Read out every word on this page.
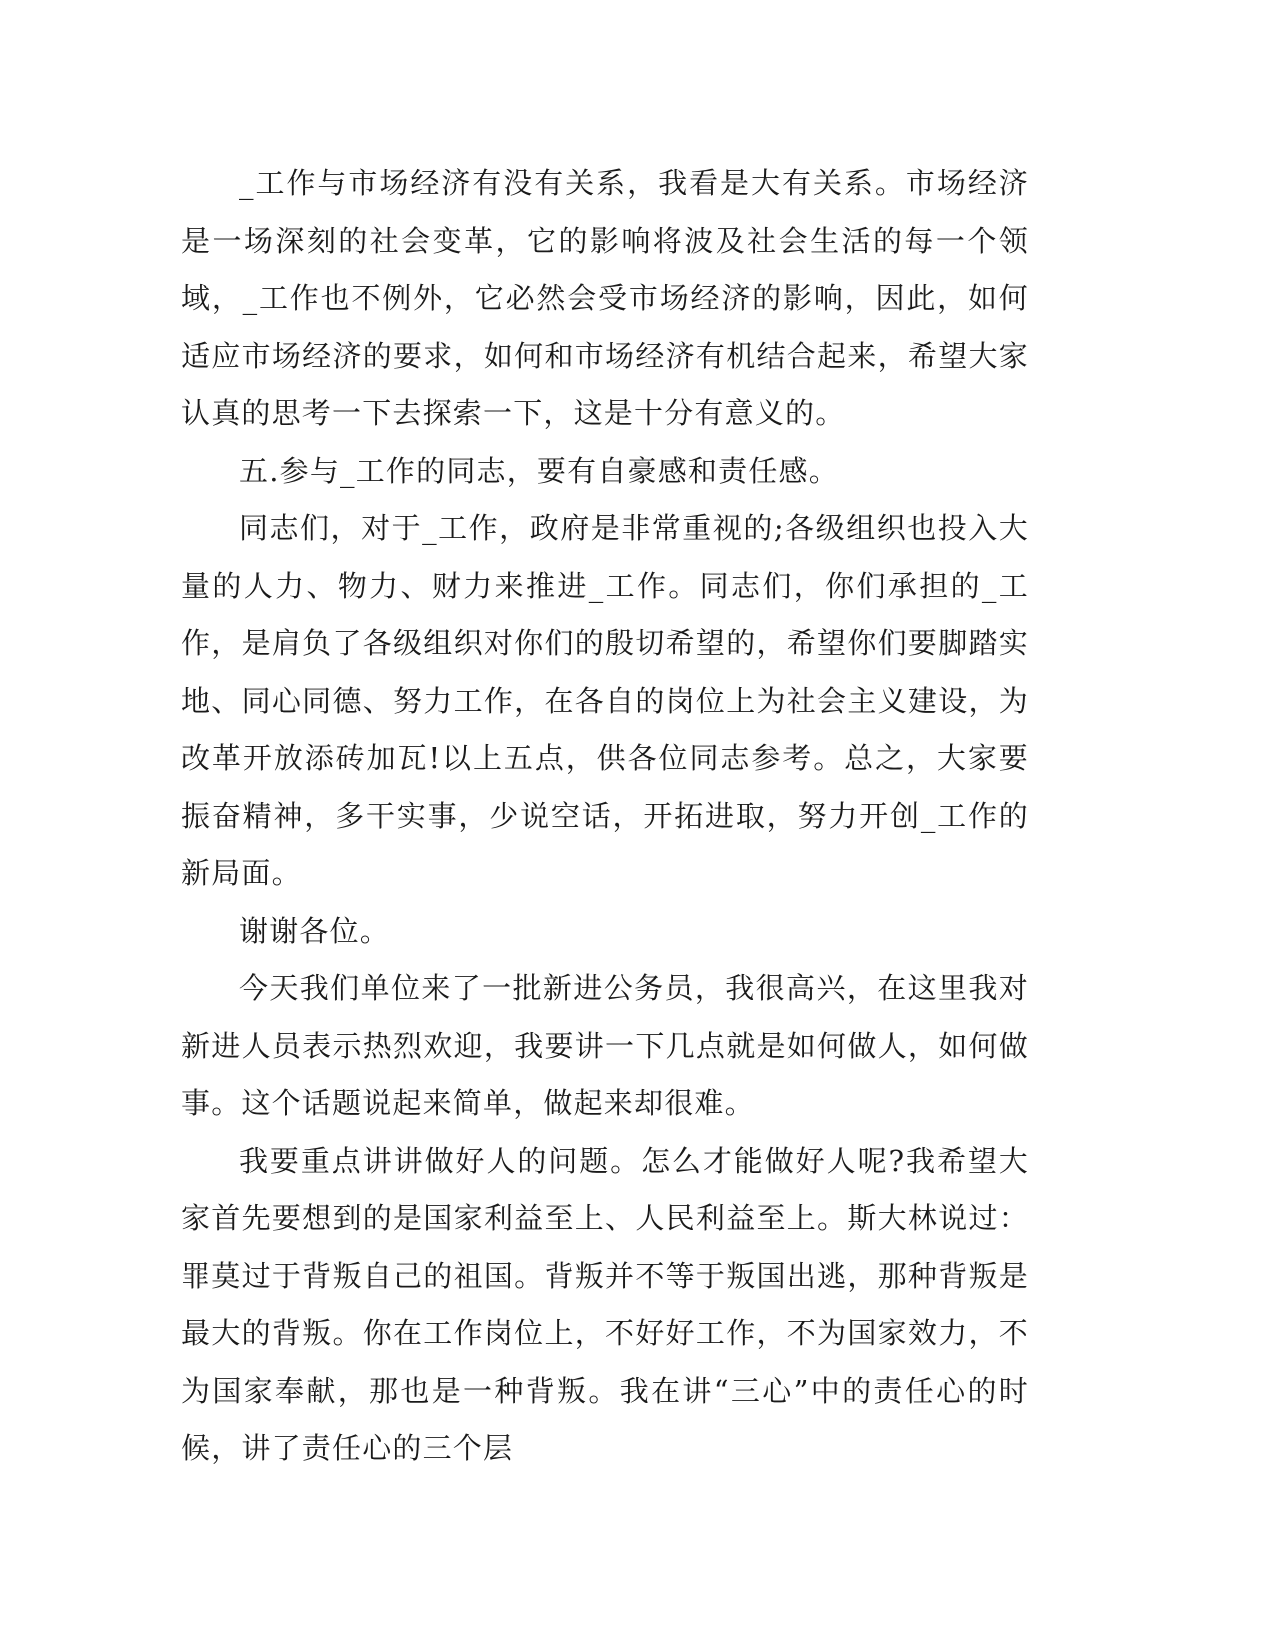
_工作与市场经济有没有关系，我看是大有关系。市场经济是一场深刻的社会变革，它的影响将波及社会生活的每一个领域，_工作也不例外，它必然会受市场经济的影响，因此，如何适应市场经济的要求，如何和市场经济有机结合起来，希望大家认真的思考一下去探索一下，这是十分有意义的。

五.参与_工作的同志，要有自豪感和责任感。

同志们，对于_工作，政府是非常重视的;各级组织也投入大量的人力、物力、财力来推进_工作。同志们，你们承担的_工作，是肩负了各级组织对你们的殷切希望的，希望你们要脚踏实地、同心同德、努力工作，在各自的岗位上为社会主义建设，为改革开放添砖加瓦!以上五点，供各位同志参考。总之，大家要振奋精神，多干实事，少说空话，开拓进取，努力开创_工作的新局面。

谢谢各位。

今天我们单位来了一批新进公务员，我很高兴，在这里我对新进人员表示热烈欢迎，我要讲一下几点就是如何做人，如何做事。这个话题说起来简单，做起来却很难。

我要重点讲讲做好人的问题。怎么才能做好人呢?我希望大家首先要想到的是国家利益至上、人民利益至上。斯大林说过：罪莫过于背叛自己的祖国。背叛并不等于叛国出逃，那种背叛是最大的背叛。你在工作岗位上，不好好工作，不为国家效力，不为国家奉献，那也是一种背叛。我在讲“三心”中的责任心的时候，讲了责任心的三个层
